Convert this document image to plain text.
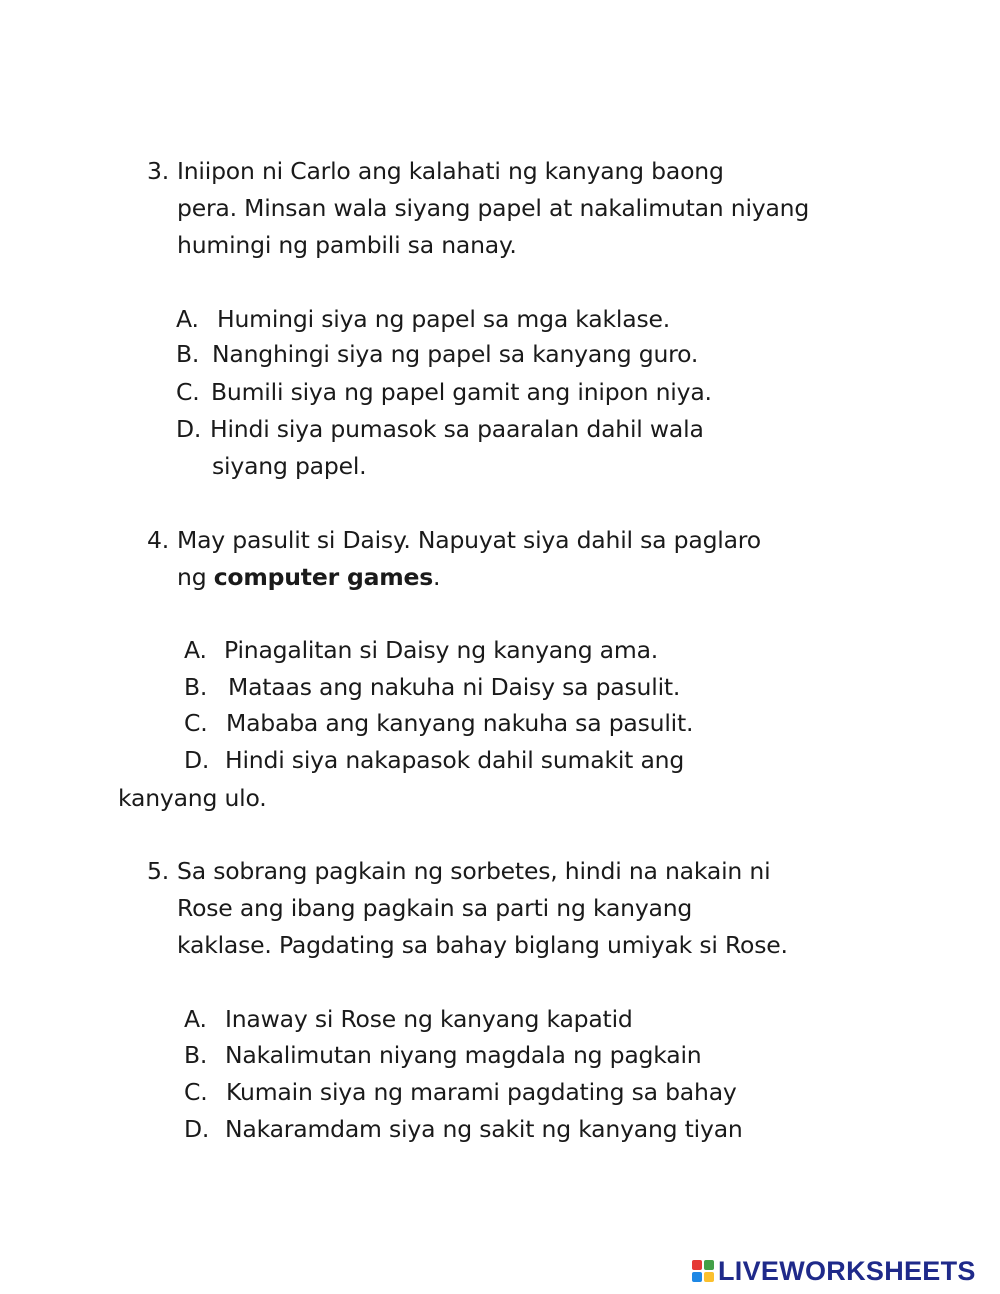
3. Iniipon ni Carlo ang kalahati ng kanyang baong
pera. Minsan wala siyang papel at nakalimutan niyang
humingi ng pambili sa nanay.
A. Humingi siya ng papel sa mga kaklase.
B. Nanghingi siya ng papel sa kanyang guro.
C. Bumili siya ng papel gamit ang inipon niya.
D. Hindi siya pumasok sa paaralan dahil wala
siyang papel.
4. May pasulit si Daisy. Napuyat siya dahil sa paglaro
ng computer games.
A. Pinagalitan si Daisy ng kanyang ama.
B. Mataas ang nakuha ni Daisy sa pasulit.
C. Mababa ang kanyang nakuha sa pasulit.
D. Hindi siya nakapasok dahil sumakit ang
kanyang ulo.
5. Sa sobrang pagkain ng sorbetes, hindi na nakain ni
Rose ang ibang pagkain sa parti ng kanyang
kaklase. Pagdating sa bahay biglang umiyak si Rose.
A. Inaway si Rose ng kanyang kapatid
B. Nakalimutan niyang magdala ng pagkain
C. Kumain siya ng marami pagdating sa bahay
D. Nakaramdam siya ng sakit ng kanyang tiyan
LIVEWORKSHEETS
